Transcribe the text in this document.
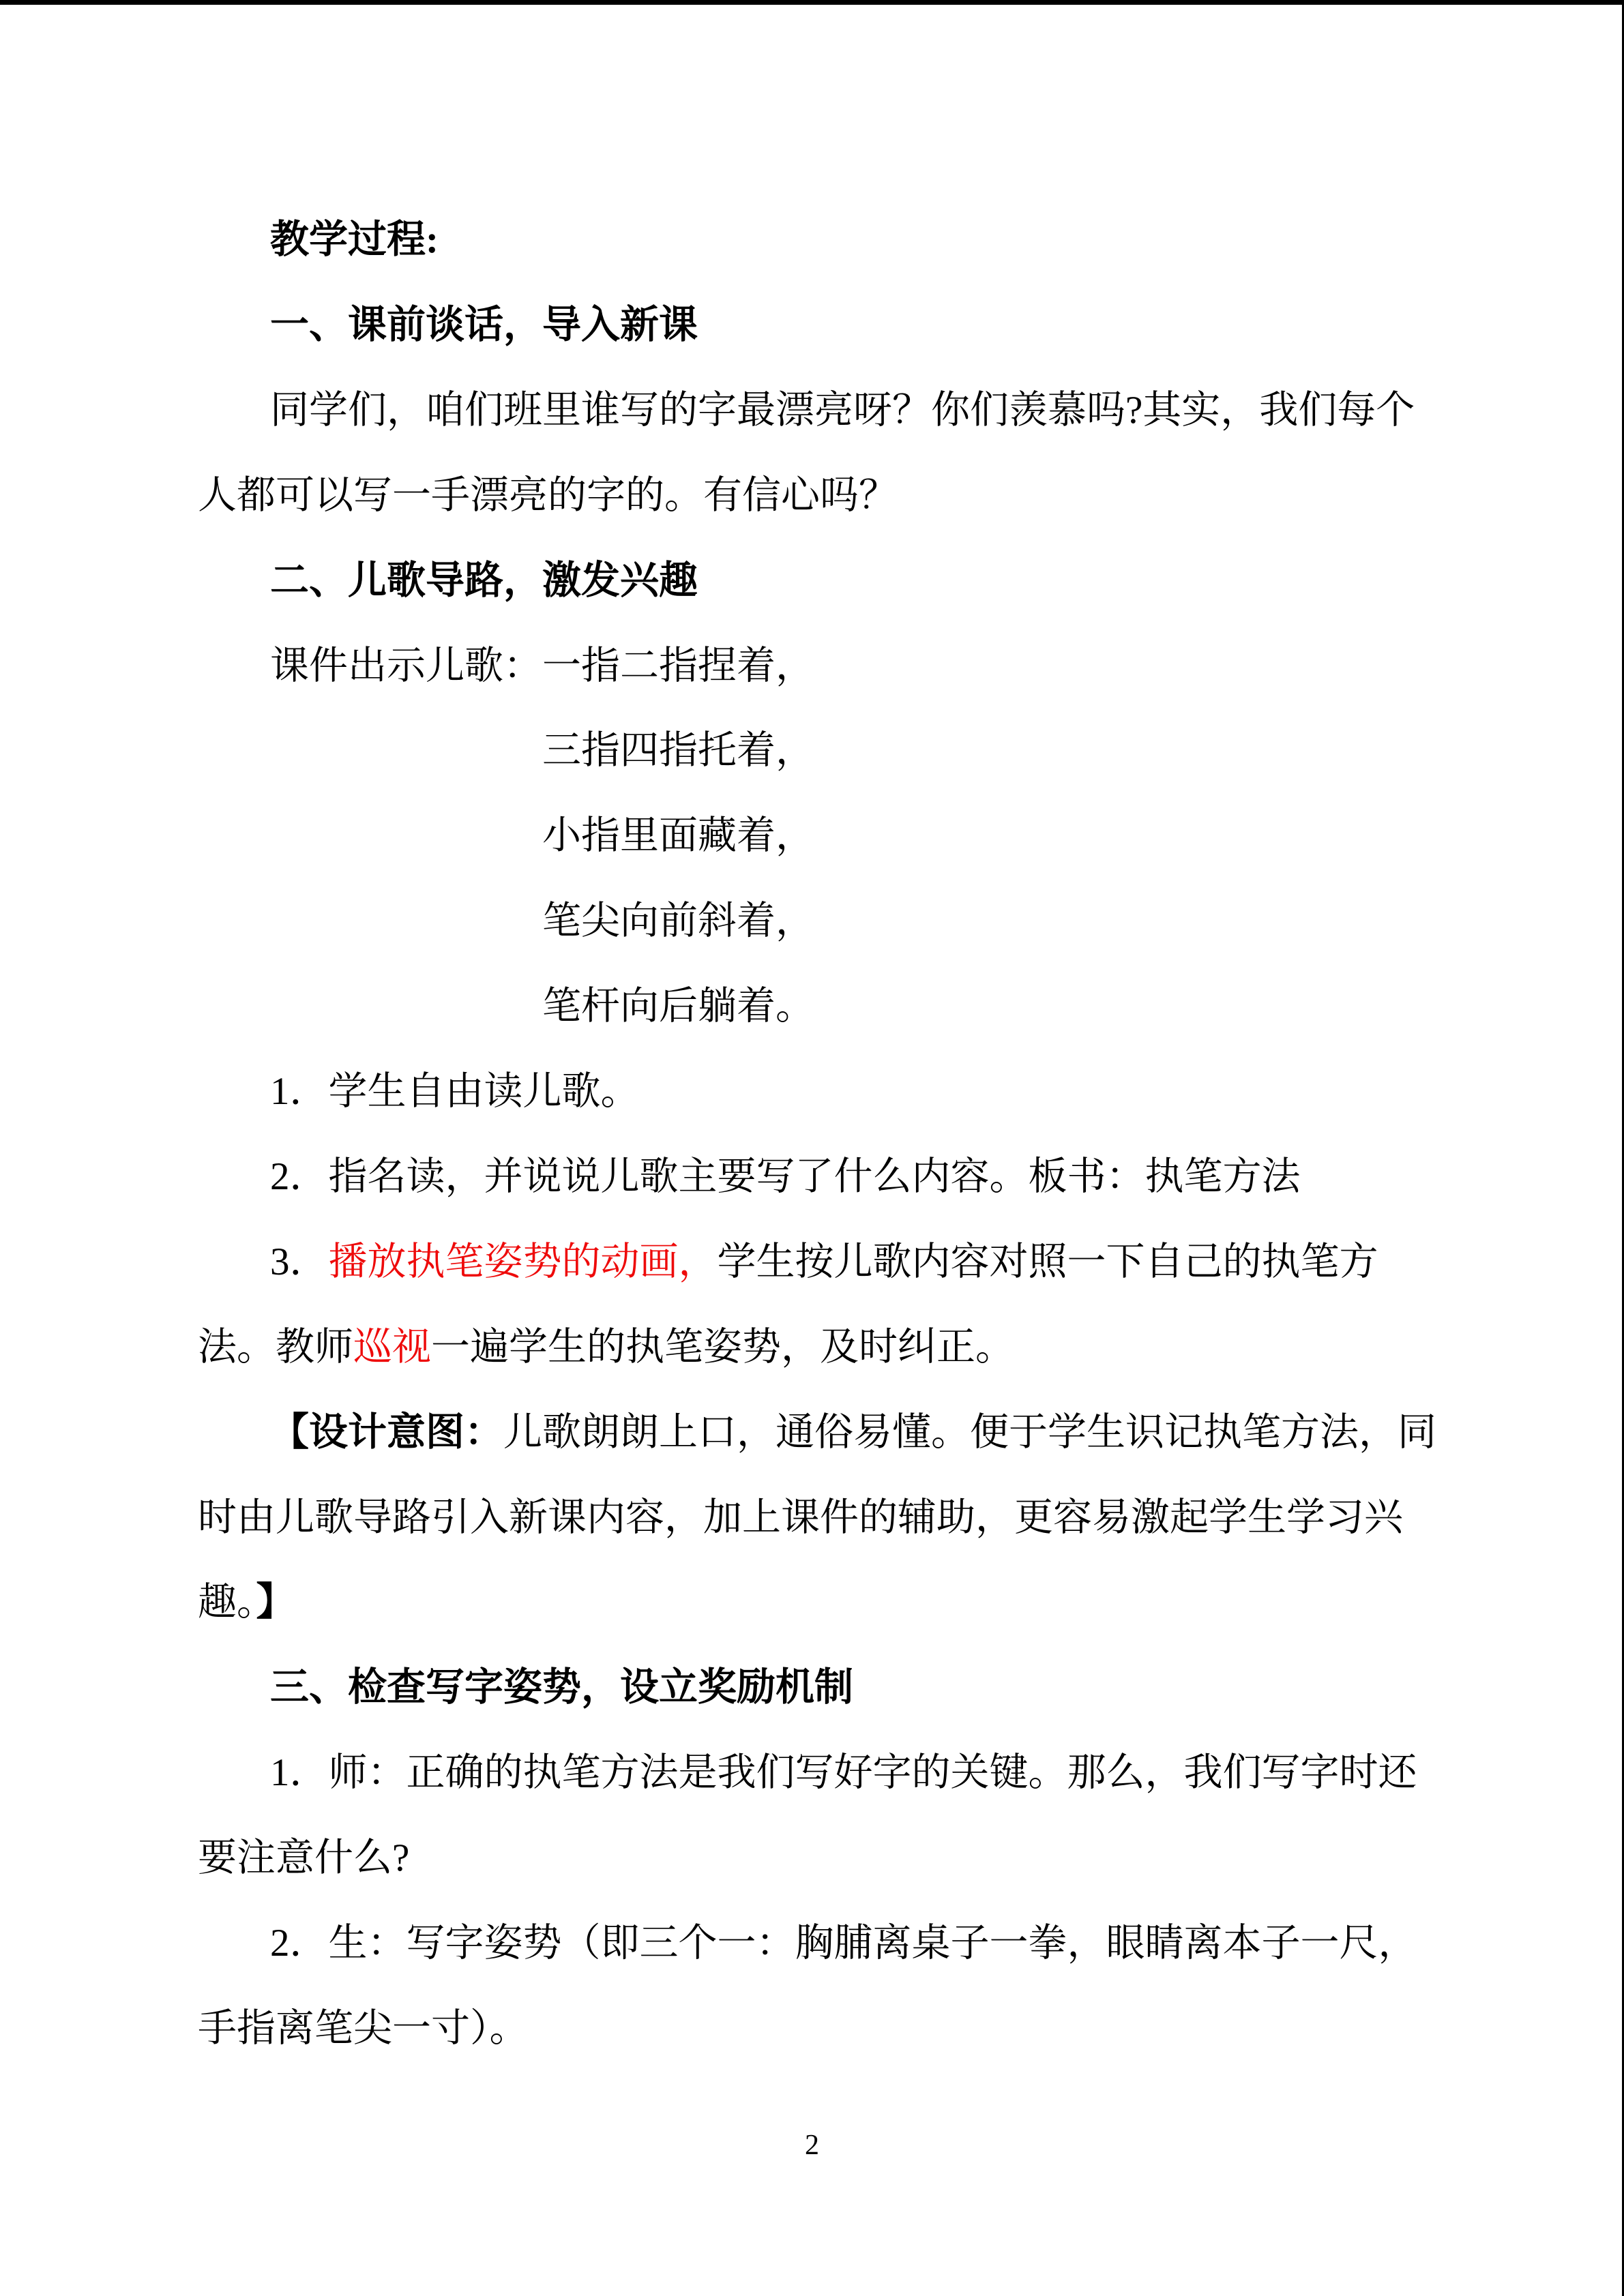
教学过程:
一、课前谈话，导入新课
同学们，咱们班里谁写的字最漂亮呀？你们羡慕吗?其实，我们每个
人都可以写一手漂亮的字的。有信心吗？
二、儿歌导路，激发兴趣
课件出示儿歌：一指二指捏着，
三指四指托着，
小指里面藏着，
笔尖向前斜着，
笔杆向后躺着。
1．学生自由读儿歌。
2．指名读，并说说儿歌主要写了什么内容。板书：执笔方法
3．播放执笔姿势的动画，学生按儿歌内容对照一下自己的执笔方
法。教师巡视一遍学生的执笔姿势，及时纠正。
【设计意图：儿歌朗朗上口，通俗易懂。便于学生识记执笔方法，同
时由儿歌导路引入新课内容，加上课件的辅助，更容易激起学生学习兴
趣。】
三、检查写字姿势，设立奖励机制
1．师：正确的执笔方法是我们写好字的关键。那么，我们写字时还
要注意什么?
2．生：写字姿势（即三个一：胸脯离桌子一拳，眼睛离本子一尺，
手指离笔尖一寸）。
2
